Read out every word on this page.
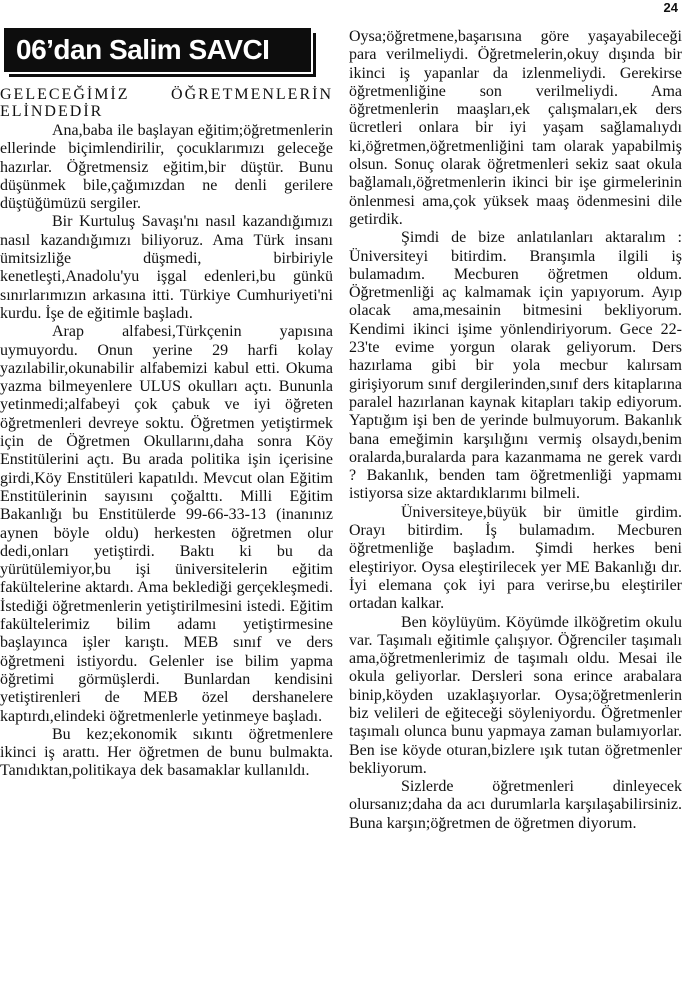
24
06’dan Salim SAVCI
GELECEĞİMİZ ÖĞRETMENLERİN ELİNDEDİR

Ana,baba ile başlayan eğitim;öğretmenlerin ellerinde biçimlendirilir, çocuklarımızı geleceğe hazırlar. Öğretmensiz eğitim,bir düştür. Bunu düşünmek bile,çağımızdan ne denli gerilere düştüğümüzü sergiler.

Bir Kurtuluş Savaşı'nı nasıl kazandığımızı nasıl kazandığımızı biliyoruz. Ama Türk insanı ümitsizliğe düşmedi, birbiriyle kenetleşti,Anadolu'yu işgal edenleri,bu günkü sınırlarımızın arkasına itti. Türkiye Cumhuriyeti'ni kurdu. İşe de eğitimle başladı.

Arap alfabesi,Türkçenin yapısına uymuyordu. Onun yerine 29 harfi kolay yazılabilir,okunabilir alfabemizi kabul etti. Okuma yazma bilmeyenlere ULUS okulları açtı. Bununla yetinmedi;alfabeyi çok çabuk ve iyi öğreten öğretmenleri devreye soktu. Öğretmen yetiştirmek için de Öğretmen Okullarını,daha sonra Köy Enstitülerini açtı. Bu arada politika işin içerisine girdi,Köy Enstitüleri kapatıldı. Mevcut olan Eğitim Enstitülerinin sayısını çoğalttı. Milli Eğitim Bakanlığı bu Enstitülerde 99-66-33-13 (inanınız aynen böyle oldu) herkesten öğretmen olur dedi,onları yetiştirdi. Baktı ki bu da yürütülemiyor,bu işi üniversitelerin eğitim fakültelerine aktardı. Ama beklediği gerçekleşmedi. İstediği öğretmenlerin yetiştirilmesini istedi. Eğitim fakültelerimiz bilim adamı yetiştirmesine başlayınca işler karıştı. MEB sınıf ve ders öğretmeni istiyordu. Gelenler ise bilim yapma öğretimi görmüşlerdi. Bunlardan kendisini yetiştirenleri de MEB özel dershanelere kaptırdı,elindeki öğretmenlerle yetinmeye başladı.

Bu kez;ekonomik sıkıntı öğretmenlere ikinci iş arattı. Her öğretmen de bunu bulmakta. Tanıdıktan,politikaya dek basamaklar kullanıldı.

Oysa;öğretmene,başarısına göre yaşayabileceği para verilmeliydi. Öğretmelerin,okuy dışında bir ikinci iş yapanlar da izlenmeliydi. Gerekirse öğretmenliğine son verilmeliydi. Ama öğretmenlerin maaşları,ek çalışmaları,ek ders ücretleri onlara bir iyi yaşam sağlamalıydı ki,öğretmen,öğretmenliğini tam olarak yapabilmiş olsun. Sonuç olarak öğretmenleri sekiz saat okula bağlamalı,öğretmenlerin ikinci bir işe girmelerinin önlenmesi ama,çok yüksek maaş ödenmesini dile getirdik.

Şimdi de bize anlatılanları aktaralım : Üniversiteyi bitirdim. Branşımla ilgili iş bulamadım. Mecburen öğretmen oldum. Öğretmenliği aç kalmamak için yapıyorum. Ayıp olacak ama,mesainin bitmesini bekliyorum. Kendimi ikinci işime yönlendiriyorum. Gece 22-23'te evime yorgun olarak geliyorum. Ders hazırlama gibi bir yola mecbur kalırsam girişiyorum sınıf dergilerinden,sınıf ders kitaplarına paralel hazırlanan kaynak kitapları takip ediyorum. Yaptığım işi ben de yerinde bulmuyorum. Bakanlık bana emeğimin karşılığını vermiş olsaydı,benim oralarda,buralarda para kazanmama ne gerek vardı ? Bakanlık, benden tam öğretmenliği yapmamı istiyorsa size aktardıklarımı bilmeli.

Üniversiteye,büyük bir ümitle girdim. Orayı bitirdim. İş bulamadım. Mecburen öğretmenliğe başladım. Şimdi herkes beni eleştiriyor. Oysa eleştirilecek yer ME Bakanlığı dır. İyi elemana çok iyi para verirse,bu eleştiriler ortadan kalkar.

Ben köylüyüm. Köyümde ilköğretim okulu var. Taşımalı eğitimle çalışıyor. Öğrenciler taşımalı ama,öğretmenlerimiz de taşımalı oldu. Mesai ile okula geliyorlar. Dersleri sona erince arabalara binip,köyden uzaklaşıyorlar. Oysa;öğretmenlerin biz velileri de eğiteceği söyleniyordu. Öğretmenler taşımalı olunca bunu yapmaya zaman bulamıyorlar. Ben ise köyde oturan,bizlere ışık tutan öğretmenler bekliyorum.

Sizlerde öğretmenleri dinleyecek olursanız;daha da acı durumlarla karşılaşabilirsiniz. Buna karşın;öğretmen de öğretmen diyorum.
